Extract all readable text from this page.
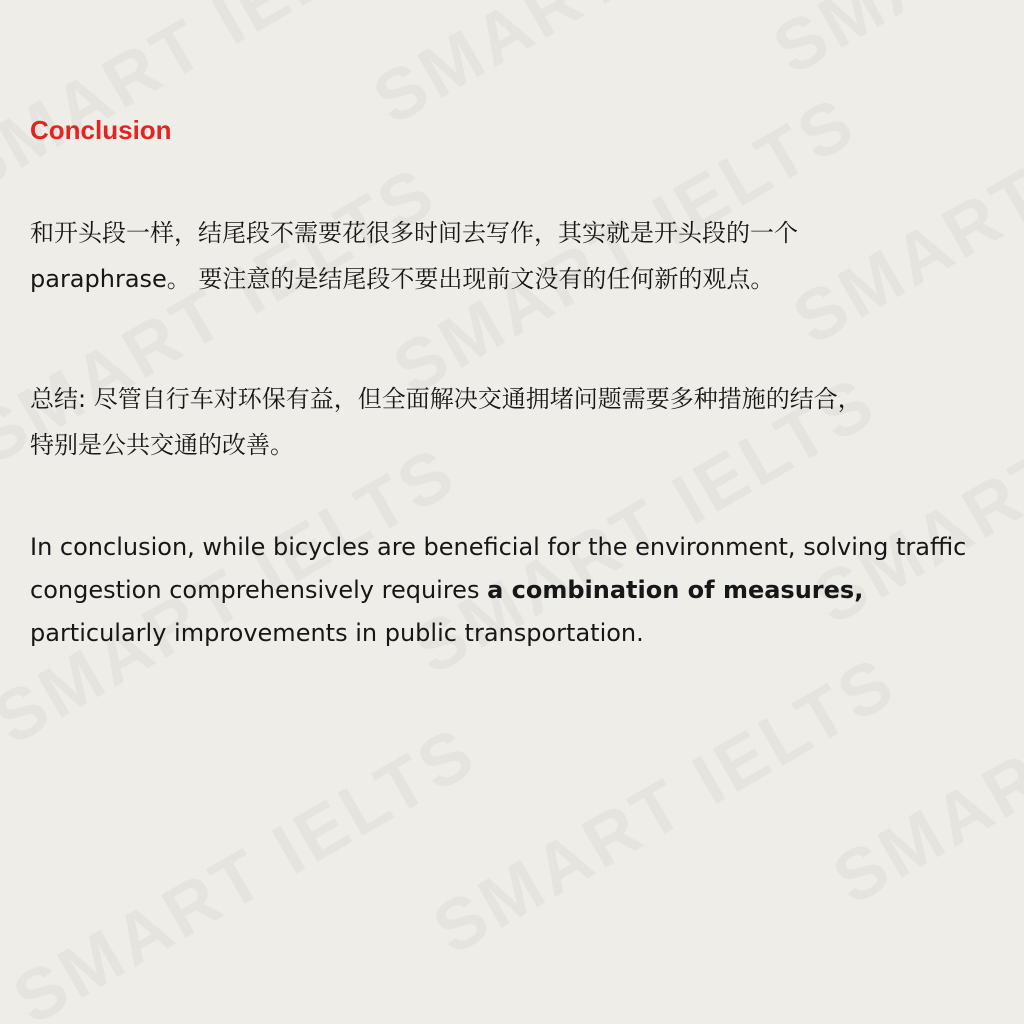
Conclusion
和开头段一样，结尾段不需要花很多时间去写作，其实就是开头段的一个
paraphrase。 要注意的是结尾段不要出现前文没有的任何新的观点。
总结: 尽管自行车对环保有益，但全面解决交通拥堵问题需要多种措施的结合，
特别是公共交通的改善。

In conclusion, while bicycles are beneficial for the environment, solving traffic congestion comprehensively requires a combination of measures, particularly improvements in public transportation.
